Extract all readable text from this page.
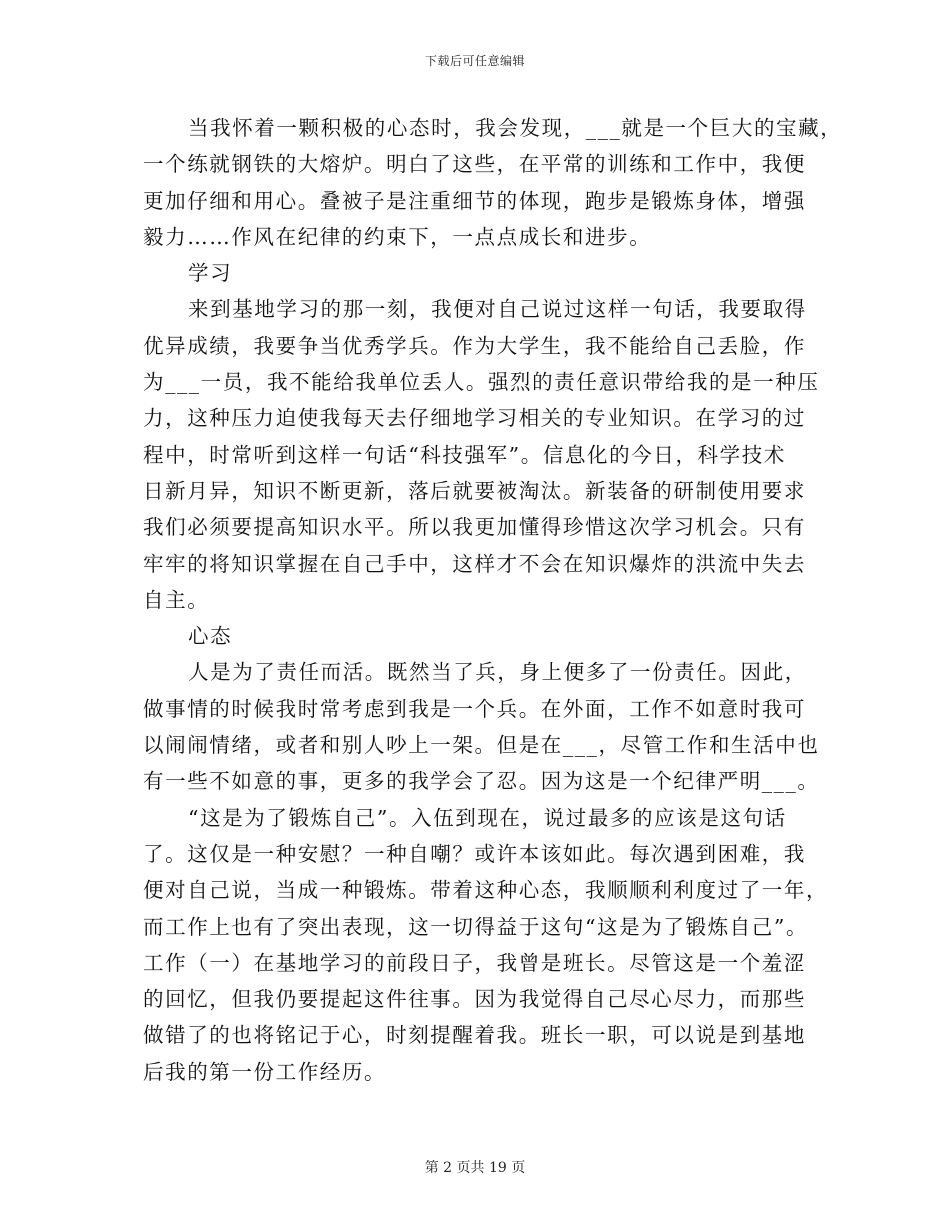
下载后可任意编辑
当我怀着一颗积极的心态时，我会发现，___就是一个巨大的宝藏，
一个练就钢铁的大熔炉。明白了这些，在平常的训练和工作中，我便
更加仔细和用心。叠被子是注重细节的体现，跑步是锻炼身体，增强
毅力……作风在纪律的约束下，一点点成长和进步。
学习
来到基地学习的那一刻，我便对自己说过这样一句话，我要取得
优异成绩，我要争当优秀学兵。作为大学生，我不能给自己丢脸，作
为___一员，我不能给我单位丢人。强烈的责任意识带给我的是一种压
力，这种压力迫使我每天去仔细地学习相关的专业知识。在学习的过
程中，时常听到这样一句话“科技强军”。信息化的今日，科学技术
日新月异，知识不断更新，落后就要被淘汰。新装备的研制使用要求
我们必须要提高知识水平。所以我更加懂得珍惜这次学习机会。只有
牢牢的将知识掌握在自己手中，这样才不会在知识爆炸的洪流中失去
自主。
心态
人是为了责任而活。既然当了兵，身上便多了一份责任。因此，
做事情的时候我时常考虑到我是一个兵。在外面，工作不如意时我可
以闹闹情绪，或者和别人吵上一架。但是在___，尽管工作和生活中也
有一些不如意的事，更多的我学会了忍。因为这是一个纪律严明___。
“这是为了锻炼自己”。入伍到现在，说过最多的应该是这句话
了。这仅是一种安慰？一种自嘲？或许本该如此。每次遇到困难，我
便对自己说，当成一种锻炼。带着这种心态，我顺顺利利度过了一年，
而工作上也有了突出表现，这一切得益于这句“这是为了锻炼自己”。
工作（一）在基地学习的前段日子，我曾是班长。尽管这是一个羞涩
的回忆，但我仍要提起这件往事。因为我觉得自己尽心尽力，而那些
做错了的也将铭记于心，时刻提醒着我。班长一职，可以说是到基地
后我的第一份工作经历。
第 2 页共 19 页
